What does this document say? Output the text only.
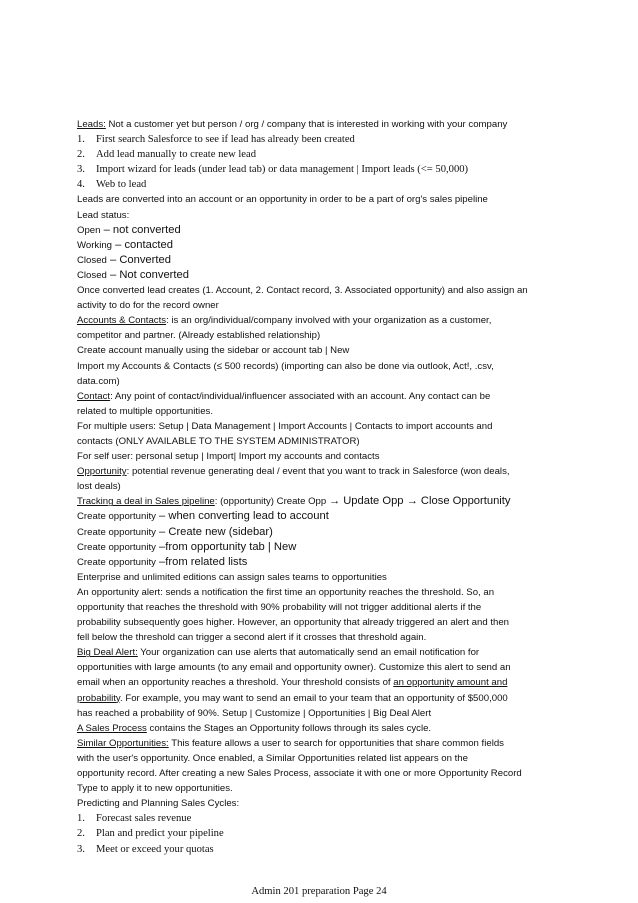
Leads: Not a customer yet but person / org / company that is interested in working with your company
1. First search Salesforce to see if lead has already been created
2. Add lead manually to create new lead
3. Import wizard for leads (under lead tab) or data management | Import leads (<= 50,000)
4. Web to lead
Leads are converted into an account or an opportunity in order to be a part of org's sales pipeline
Lead status:
Open – not converted
Working – contacted
Closed – Converted
Closed – Not converted
Once converted lead creates (1. Account, 2. Contact record, 3. Associated opportunity) and also assign an
activity to do for the record owner
Accounts & Contacts: is an org/individual/company involved with your organization as a customer,
competitor and partner. (Already established relationship)
Create account manually using the sidebar or account tab | New
Import my Accounts & Contacts (≤ 500 records) (importing can also be done via outlook, Act!, .csv,
data.com)
Contact: Any point of contact/individual/influencer associated with an account. Any contact can be
related to multiple opportunities.
For multiple users: Setup | Data Management | Import Accounts | Contacts to import accounts and
contacts (ONLY AVAILABLE TO THE SYSTEM ADMINISTRATOR)
For self user: personal setup | Import| Import my accounts and contacts
Opportunity: potential revenue generating deal / event that you want to track in Salesforce (won deals,
lost deals)
Tracking a deal in Sales pipeline: (opportunity) Create Opp → Update Opp → Close Opportunity
Create opportunity – when converting lead to account
Create opportunity – Create new (sidebar)
Create opportunity –from opportunity tab | New
Create opportunity –from related lists
Enterprise and unlimited editions can assign sales teams to opportunities
An opportunity alert: sends a notification the first time an opportunity reaches the threshold. So, an
opportunity that reaches the threshold with 90% probability will not trigger additional alerts if the
probability subsequently goes higher. However, an opportunity that already triggered an alert and then
fell below the threshold can trigger a second alert if it crosses that threshold again.
Big Deal Alert: Your organization can use alerts that automatically send an email notification for
opportunities with large amounts (to any email and opportunity owner). Customize this alert to send an
email when an opportunity reaches a threshold. Your threshold consists of an opportunity amount and
probability. For example, you may want to send an email to your team that an opportunity of $500,000
has reached a probability of 90%. Setup | Customize | Opportunities | Big Deal Alert
A Sales Process contains the Stages an Opportunity follows through its sales cycle.
Similar Opportunities: This feature allows a user to search for opportunities that share common fields
with the user's opportunity. Once enabled, a Similar Opportunities related list appears on the
opportunity record. After creating a new Sales Process, associate it with one or more Opportunity Record
Type to apply it to new opportunities.
Predicting and Planning Sales Cycles:
1. Forecast sales revenue
2. Plan and predict your pipeline
3. Meet or exceed your quotas
Admin 201 preparation Page 24
